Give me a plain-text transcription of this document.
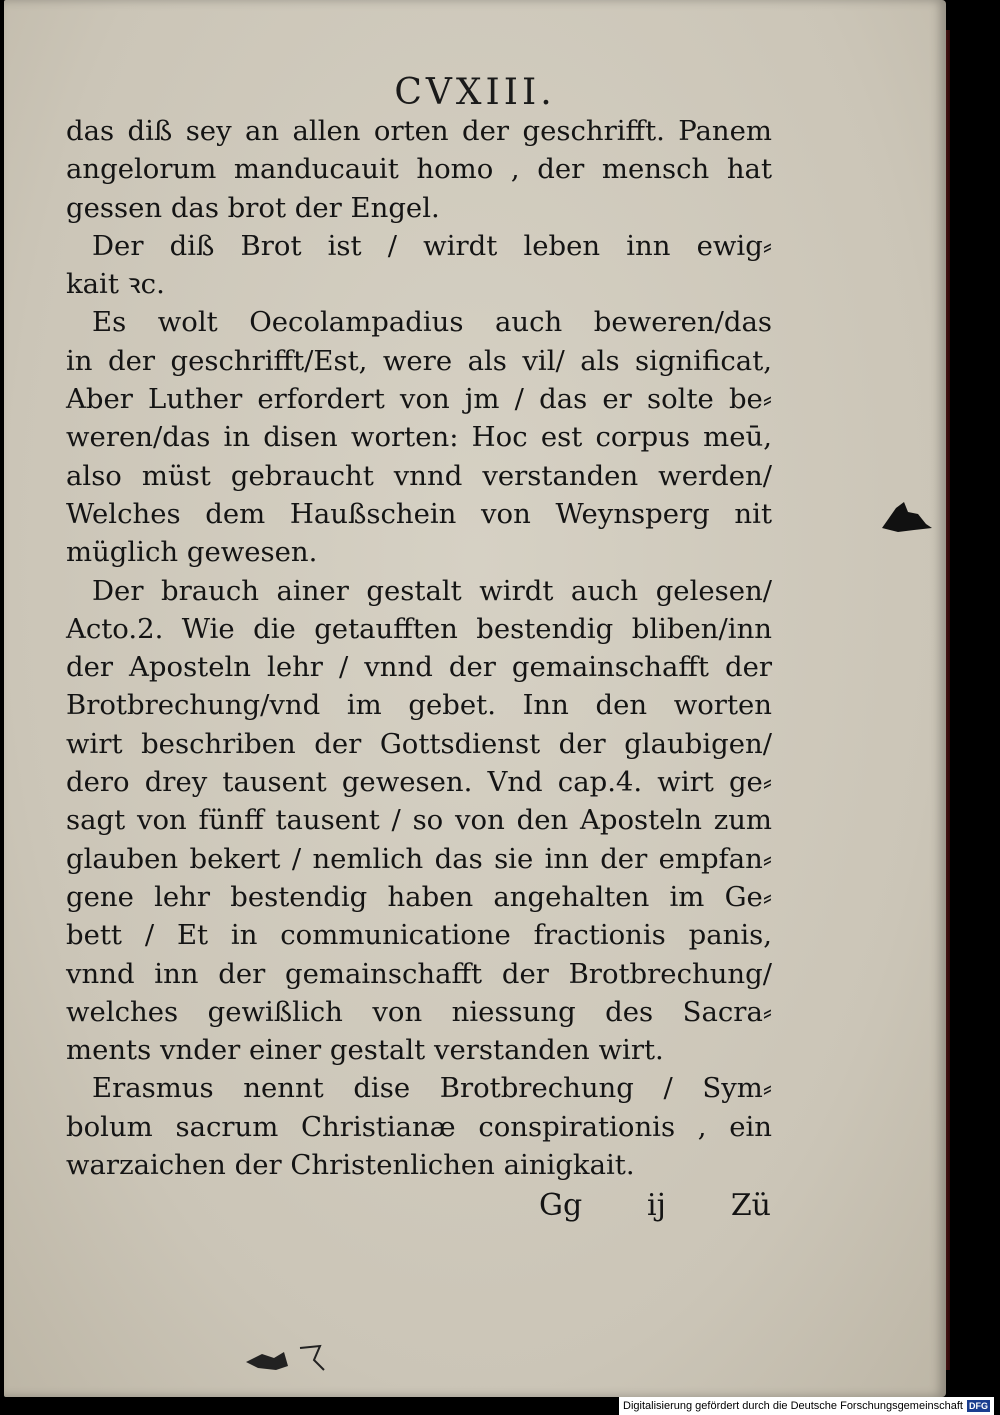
CVXIII.
das diß sey an allen orten der geschrifft. Panem
angelorum manducauit homo , der mensch hat
gessen das brot der Engel.
Der diß Brot ist / wirdt leben inn ewig⸗
kait ꝛc.
Es wolt Oecolampadius auch beweren/das
in der geschrifft/Est, were als vil/ als significat,
Aber Luther erfordert von jm / das er solte be⸗
weren/das in disen worten: Hoc est corpus meū,
also müst gebraucht vnnd verstanden werden/
Welches dem Haußschein von Weynsperg nit
müglich gewesen.
Der brauch ainer gestalt wirdt auch gelesen/
Acto.2. Wie die getaufften bestendig bliben/inn
der Aposteln lehr / vnnd der gemainschafft der
Brotbrechung/vnd im gebet. Inn den worten
wirt beschriben der Gottsdienst der glaubigen/
dero drey tausent gewesen. Vnd cap.4. wirt ge⸗
sagt von fünff tausent / so von den Aposteln zum
glauben bekert / nemlich das sie inn der empfan⸗
gene lehr bestendig haben angehalten im Ge⸗
bett / Et in communicatione fractionis panis,
vnnd inn der gemainschafft der Brotbrechung/
welches gewißlich von niessung des Sacra⸗
ments vnder einer gestalt verstanden wirt.
Erasmus nennt dise Brotbrechung / Sym⸗
bolum sacrum Christianæ conspirationis , ein
warzaichen der Christenlichen ainigkait.
Gg ij Zü
Digitalisierung gefördert durch die Deutsche Forschungsgemeinschaft DFG
